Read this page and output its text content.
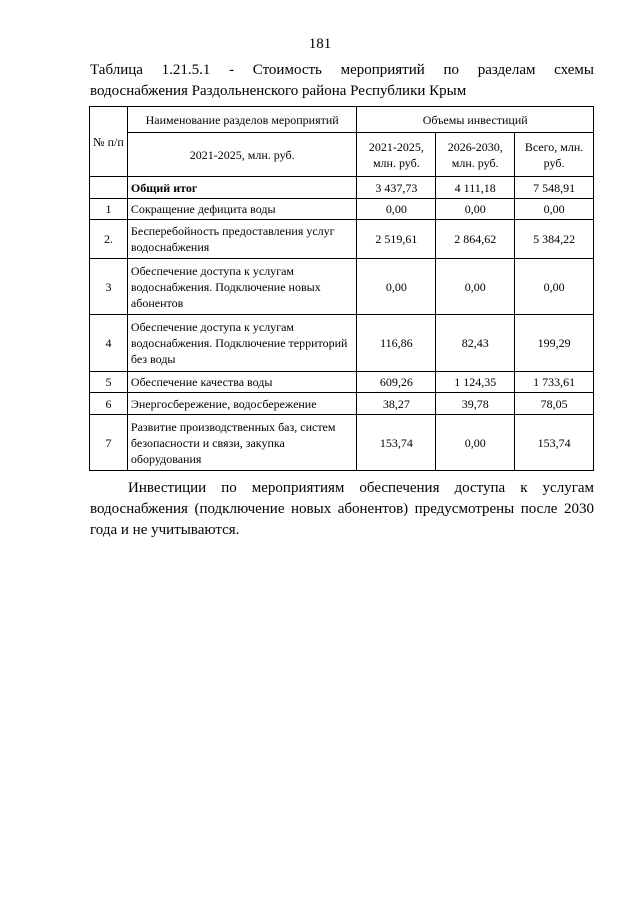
181
Таблица 1.21.5.1 - Стоимость мероприятий по разделам схемы
водоснабжения Раздольненского района Республики Крым
№ п/п	Наименование разделов мероприятий	Объемы инвестиций		
	2021-2025, млн. руб.	2021-2025, млн. руб.	2026-2030, млн. руб.	Всего, млн. руб.
	Общий итог	3 437,73	4 111,18	7 548,91
1	Сокращение дефицита воды	0,00	0,00	0,00
2.	Бесперебойность предоставления услуг водоснабжения	2 519,61	2 864,62	5 384,22
3	Обеспечение доступа к услугам водоснабжения. Подключение новых абонентов	0,00	0,00	0,00
4	Обеспечение доступа к услугам водоснабжения. Подключение территорий без воды	116,86	82,43	199,29
5	Обеспечение качества воды	609,26	1 124,35	1 733,61
6	Энергосбережение, водосбережение	38,27	39,78	78,05
7	Развитие производственных баз, систем безопасности и связи, закупка оборудования	153,74	0,00	153,74
Инвестиции по мероприятиям обеспечения доступа к услугам водоснабжения (подключение новых абонентов) предусмотрены после 2030 года и не учитываются.
